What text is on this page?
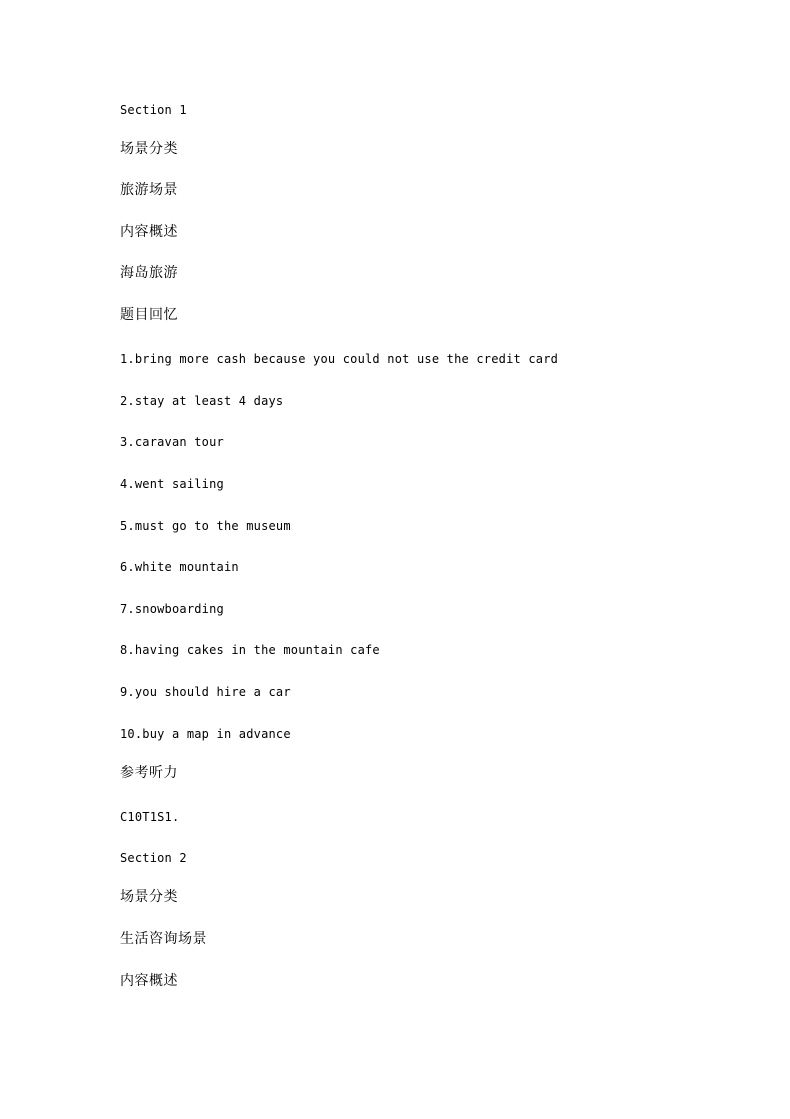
Section 1
场景分类
旅游场景
内容概述
海岛旅游
题目回忆
1.bring more cash because you could not use the credit card
2.stay at least 4 days
3.caravan tour
4.went sailing
5.must go to the museum
6.white mountain
7.snowboarding
8.having cakes in the mountain cafe
9.you should hire a car
10.buy a map in advance
参考听力
C10T1S1.
Section 2
场景分类
生活咨询场景
内容概述
